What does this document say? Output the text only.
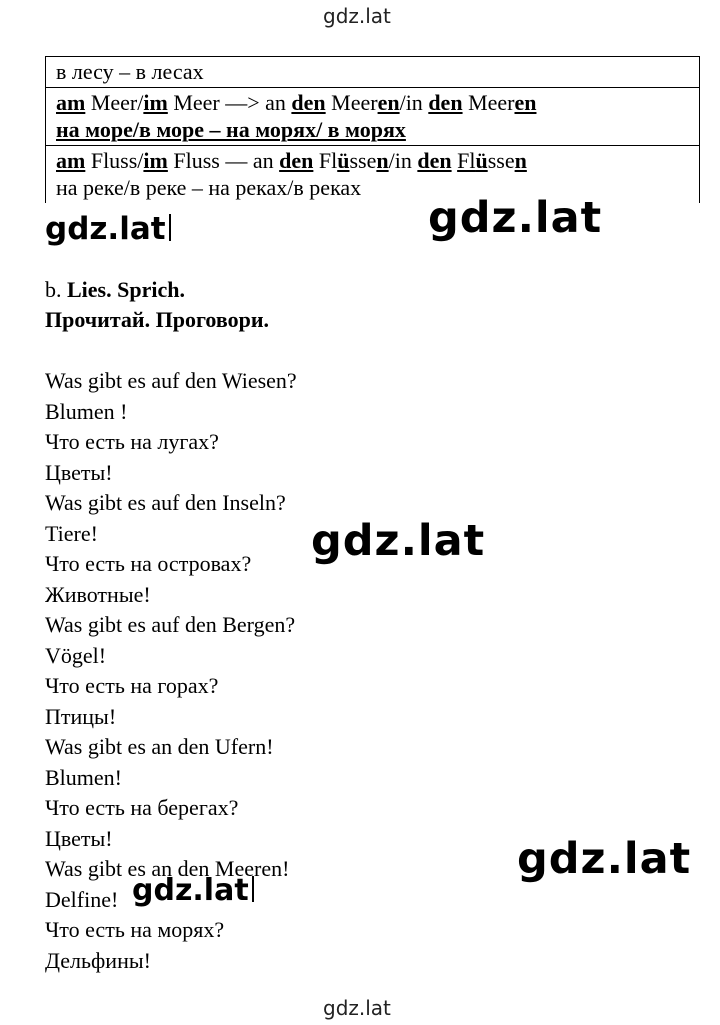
gdz.lat
gdz.lat	gdz.lat
gdz.lat
gdz.lat
gdz.lat
gdz.lat
в лесу – в лесах

am Meer/im Meer —> an den Meeren/in den Meeren
на море/в море – на морях/ в морях

am Fluss/im Fluss — an den Flüssen/in den Flüssen
на реке/в реке – на реках/в реках
b. Lies. Sprich.
Прочитай. Проговори.
Was gibt es auf den Wiesen?
Blumen !
Что есть на лугах?
Цветы!
Was gibt es auf den Inseln?
Tiere!
Что есть на островах?
Животные!
Was gibt es auf den Bergen?
Vögel!
Что есть на горах?
Птицы!
Was gibt es an den Ufern!
Blumen!
Что есть на берегах?
Цветы!
Was gibt es an den Meeren!
Delfine!
Что есть на морях?
Дельфины!
